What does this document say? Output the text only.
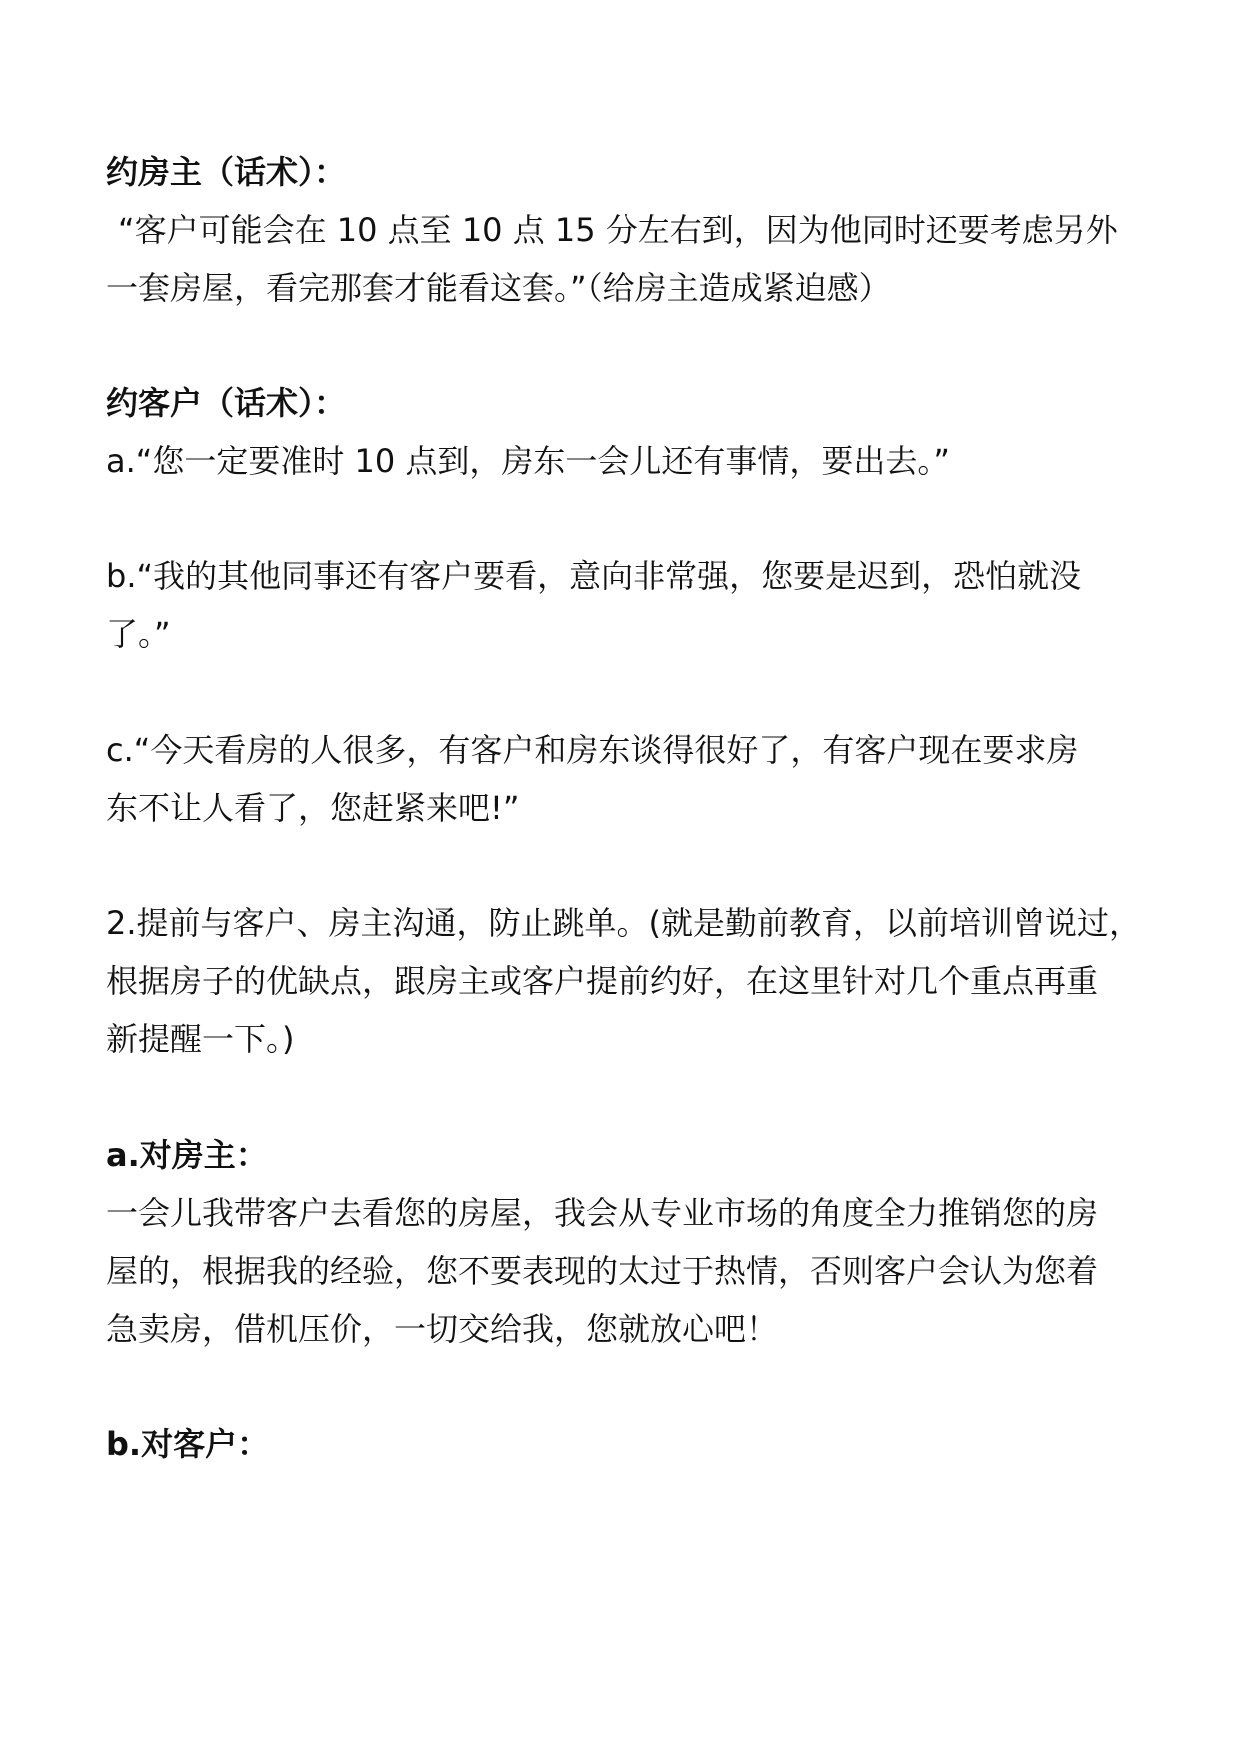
约房主（话术）：
“客户可能会在 10 点至 10 点 15 分左右到，因为他同时还要考虑另外
一套房屋，看完那套才能看这套。”（给房主造成紧迫感）
约客户（话术）：
a.“您一定要准时 10 点到，房东一会儿还有事情，要出去。”
b.“我的其他同事还有客户要看，意向非常强，您要是迟到，恐怕就没
了。”
c.“今天看房的人很多，有客户和房东谈得很好了，有客户现在要求房
东不让人看了，您赶紧来吧!”
2.提前与客户、房主沟通，防止跳单。(就是勤前教育，以前培训曾说过，
根据房子的优缺点，跟房主或客户提前约好，在这里针对几个重点再重
新提醒一下。)
a.对房主：
一会儿我带客户去看您的房屋，我会从专业市场的角度全力推销您的房
屋的，根据我的经验，您不要表现的太过于热情，否则客户会认为您着
急卖房，借机压价，一切交给我，您就放心吧！
b.对客户：
